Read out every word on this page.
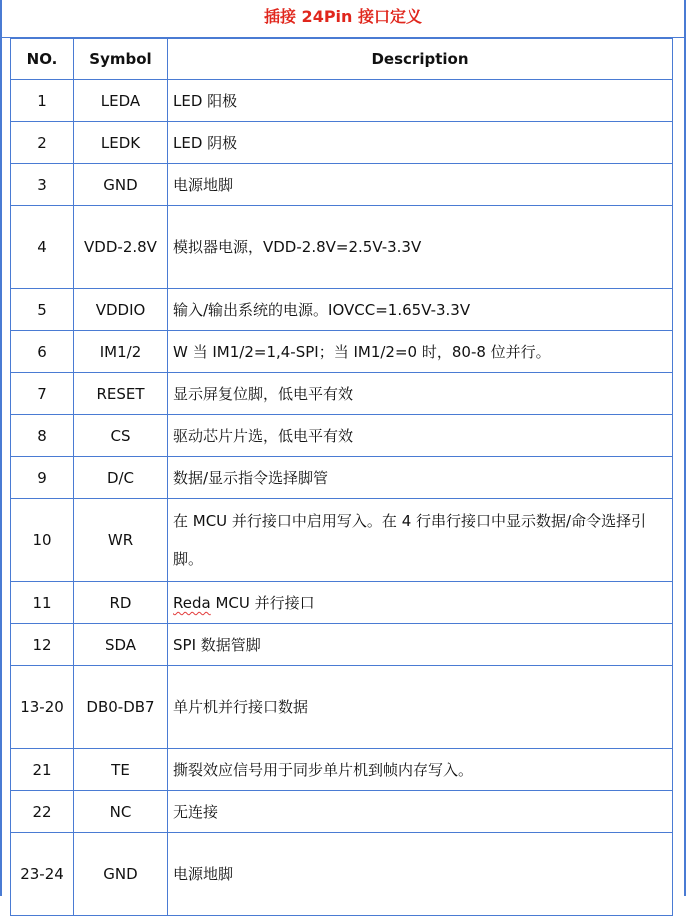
插接 24Pin 接口定义
NO.	Symbol	Description
1	LEDA	LED 阳极
2	LEDK	LED 阴极
3	GND	电源地脚
4	VDD-2.8V	模拟器电源，VDD-2.8V=2.5V-3.3V
5	VDDIO	输入/输出系统的电源。IOVCC=1.65V-3.3V
6	IM1/2	W 当 IM1/2=1,4-SPI；当 IM1/2=0 时，80-8 位并行。
7	RESET	显示屏复位脚，低电平有效
8	CS	驱动芯片片选，低电平有效
9	D/C	数据/显示指令选择脚管
10	WR	在 MCU 并行接口中启用写入。在 4 行串行接口中显示数据/命令选择引脚。
11	RD	Reda MCU 并行接口
12	SDA	SPI 数据管脚
13-20	DB0-DB7	单片机并行接口数据
21	TE	撕裂效应信号用于同步单片机到帧内存写入。
22	NC	无连接
23-24	GND	电源地脚
